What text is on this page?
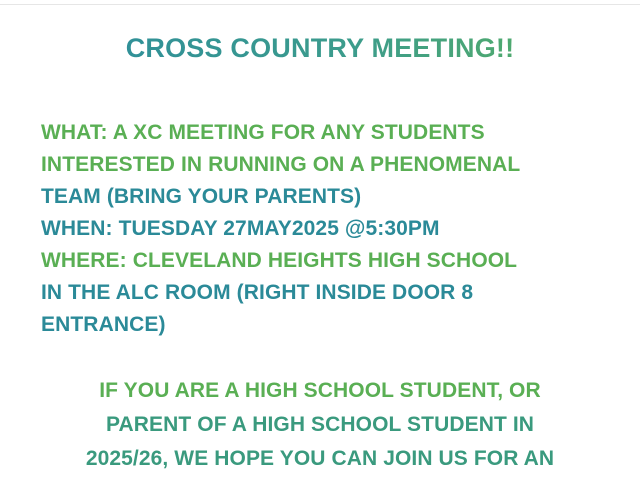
CROSS COUNTRY MEETING!!
WHAT: A XC MEETING FOR ANY STUDENTS
INTERESTED IN RUNNING ON A PHENOMENAL
TEAM (BRING YOUR PARENTS)
WHEN: TUESDAY 27MAY2025 @5:30PM
WHERE: CLEVELAND HEIGHTS HIGH SCHOOL
IN THE ALC ROOM (RIGHT INSIDE DOOR 8
ENTRANCE)
IF YOU ARE A HIGH SCHOOL STUDENT, OR
PARENT OF A HIGH SCHOOL STUDENT IN
2025/26, WE HOPE YOU CAN JOIN US FOR AN
